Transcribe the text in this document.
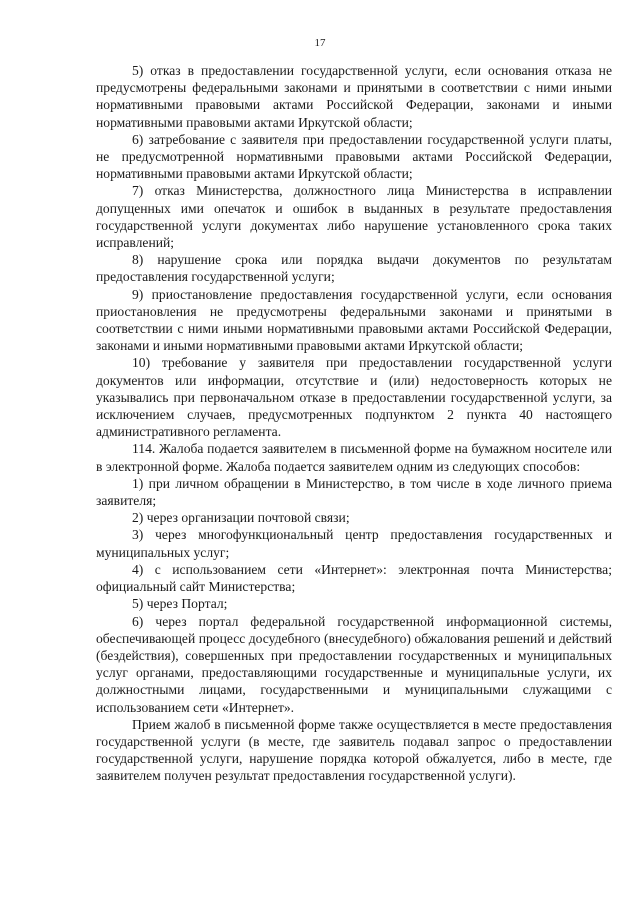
17

5) отказ в предоставлении государственной услуги, если основания отказа не предусмотрены федеральными законами и принятыми в соответствии с ними иными нормативными правовыми актами Российской Федерации, законами и иными нормативными правовыми актами Иркутской области;

6) затребование с заявителя при предоставлении государственной услуги платы, не предусмотренной нормативными правовыми актами Российской Федерации, нормативными правовыми актами Иркутской области;

7) отказ Министерства, должностного лица Министерства в исправлении допущенных ими опечаток и ошибок в выданных в результате предоставления государственной услуги документах либо нарушение установленного срока таких исправлений;

8) нарушение срока или порядка выдачи документов по результатам предоставления государственной услуги;

9) приостановление предоставления государственной услуги, если основания приостановления не предусмотрены федеральными законами и принятыми в соответствии с ними иными нормативными правовыми актами Российской Федерации, законами и иными нормативными правовыми актами Иркутской области;

10) требование у заявителя при предоставлении государственной услуги документов или информации, отсутствие и (или) недостоверность которых не указывались при первоначальном отказе в предоставлении государственной услуги, за исключением случаев, предусмотренных подпунктом 2 пункта 40 настоящего административного регламента.

114. Жалоба подается заявителем в письменной форме на бумажном носителе или в электронной форме. Жалоба подается заявителем одним из следующих способов:

1) при личном обращении в Министерство, в том числе в ходе личного приема заявителя;

2) через организации почтовой связи;

3) через многофункциональный центр предоставления государственных и муниципальных услуг;

4) с использованием сети «Интернет»: электронная почта Министерства; официальный сайт Министерства;

5) через Портал;

6) через портал федеральной государственной информационной системы, обеспечивающей процесс досудебного (внесудебного) обжалования решений и действий (бездействия), совершенных при предоставлении государственных и муниципальных услуг органами, предоставляющими государственные и муниципальные услуги, их должностными лицами, государственными и муниципальными служащими с использованием сети «Интернет».

Прием жалоб в письменной форме также осуществляется в месте предоставления государственной услуги (в месте, где заявитель подавал запрос о предоставлении государственной услуги, нарушение порядка которой обжалуется, либо в месте, где заявителем получен результат предоставления государственной услуги).
